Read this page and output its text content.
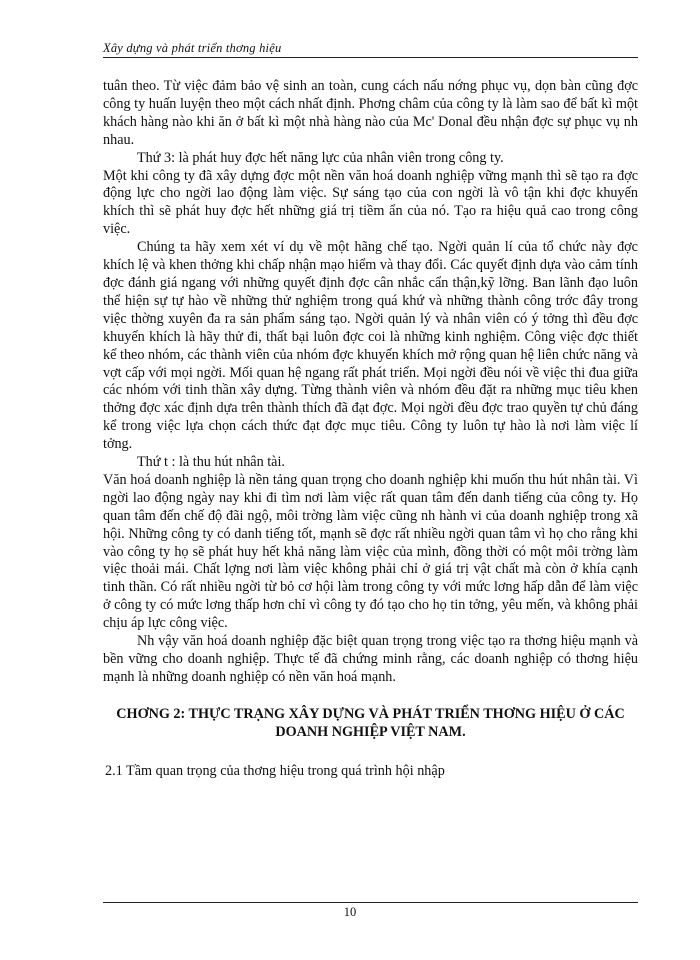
Xây dựng và phát triển thơng hiệu

tuân theo. Từ việc đảm bảo vệ sinh an toàn, cung cách nấu nớng phục vụ, dọn bàn cũng đợc công ty huấn luyện theo một cách nhất định. Phơng châm của công ty là làm sao để bất kì một khách hàng nào khi ăn ở bất kì một nhà hàng nào của Mc' Donal đều nhận đợc sự phục vụ nh nhau.

Thứ 3: là phát huy đợc hết năng lực của nhân viên trong công ty.

Một khi công ty đã xây dựng đợc một nền văn hoá doanh nghiệp vững mạnh thì sẽ tạo ra đợc động lực cho ngời lao động làm việc. Sự sáng tạo của con ngời là vô tận khi đợc khuyến khích thì sẽ phát huy đợc hết những giá trị tiềm ẩn của nó. Tạo ra hiệu quả cao trong công việc.

Chúng ta hãy xem xét ví dụ về một hãng chế tạo. Ngời quản lí của tổ chức này đợc khích lệ và khen thởng khi chấp nhận mạo hiểm và thay đổi. Các quyết định dựa vào cảm tính đợc đánh giá ngang với những quyết định đợc cân nhắc cẩn thận,kỹ lỡng. Ban lãnh đạo luôn thể hiện sự tự hào về những thử nghiệm trong quá khứ và những thành công trớc đây trong việc thờng xuyên đa ra sản phẩm sáng tạo. Ngời quản lý và nhân viên có ý tởng thì đều đợc khuyến khích là hãy thử đi, thất bại luôn đợc coi là những kinh nghiệm. Công việc đợc thiết kế theo nhóm, các thành viên của nhóm đợc khuyến khích mở rộng quan hệ liên chức năng và vợt cấp với mọi ngời. Mối quan hệ ngang rất phát triển. Mọi ngời đều nói về việc thi đua giữa các nhóm với tinh thần xây dựng. Từng thành viên và nhóm đều đặt ra những mục tiêu khen thởng đợc xác định dựa trên thành thích đã đạt đợc. Mọi ngời đều đợc trao quyền tự chủ đáng kể trong việc lựa chọn cách thức đạt đợc mục tiêu. Công ty luôn tự hào là nơi làm việc lí tởng.

Thứ t : là thu hút nhân tài.

Văn hoá doanh nghiệp là nền tảng quan trọng cho doanh nghiệp khi muốn thu hút nhân tài. Vì ngời lao động ngày nay khi đi tìm nơi làm việc rất quan tâm đến danh tiếng của công ty. Họ quan tâm đến chế độ đãi ngộ, môi trờng làm việc cũng nh hành vi của doanh nghiệp trong xã hội. Những công ty có danh tiếng tốt, mạnh sẽ đợc rất nhiều ngời quan tâm vì họ cho rằng khi vào công ty họ sẽ phát huy hết khả năng làm việc của mình, đồng thời có một môi trờng làm việc thoải mái. Chất lợng nơi làm việc không phải chỉ ở giá trị vật chất mà còn ở khía cạnh tinh thần. Có rất nhiều ngời từ bỏ cơ hội làm trong công ty với mức lơng hấp dẫn để làm việc ở công ty có mức lơng thấp hơn chỉ vì công ty đó tạo cho họ tin tởng, yêu mến, và không phải chịu áp lực công việc.

Nh vậy văn hoá doanh nghiệp đặc biệt quan trọng trong việc tạo ra thơng hiệu mạnh và bền vững cho doanh nghiệp. Thực tế đã chứng minh rằng, các doanh nghiệp có thơng hiệu mạnh là những doanh nghiệp có nền văn hoá mạnh.

CHƠNG 2: THỰC TRẠNG XÂY DỰNG VÀ PHÁT TRIỂN THƠNG HIỆU Ở CÁC DOANH NGHIỆP VIỆT NAM.

2.1 Tầm quan trọng của thơng hiệu trong quá trình hội nhập

10
